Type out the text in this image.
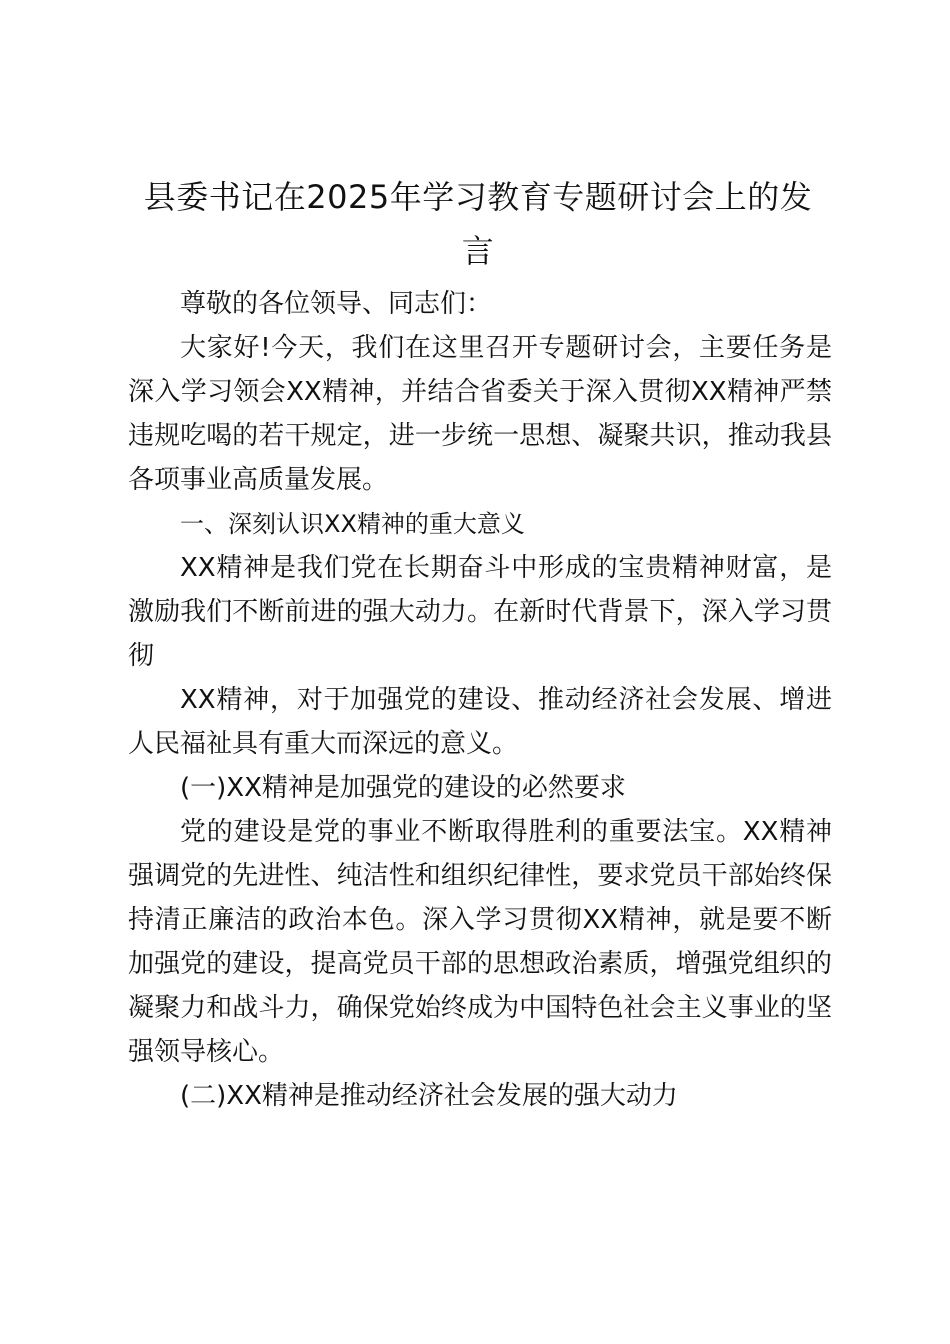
县委书记在2025年学习教育专题研讨会上的发言

尊敬的各位领导、同志们：

大家好!今天，我们在这里召开专题研讨会，主要任务是深入学习领会XX精神，并结合省委关于深入贯彻XX精神严禁违规吃喝的若干规定，进一步统一思想、凝聚共识，推动我县各项事业高质量发展。

一、深刻认识XX精神的重大意义

XX精神是我们党在长期奋斗中形成的宝贵精神财富，是激励我们不断前进的强大动力。在新时代背景下，深入学习贯彻

XX精神，对于加强党的建设、推动经济社会发展、增进人民福祉具有重大而深远的意义。

(一)XX精神是加强党的建设的必然要求

党的建设是党的事业不断取得胜利的重要法宝。XX精神强调党的先进性、纯洁性和组织纪律性，要求党员干部始终保持清正廉洁的政治本色。深入学习贯彻XX精神，就是要不断加强党的建设，提高党员干部的思想政治素质，增强党组织的凝聚力和战斗力，确保党始终成为中国特色社会主义事业的坚强领导核心。

(二)XX精神是推动经济社会发展的强大动力
